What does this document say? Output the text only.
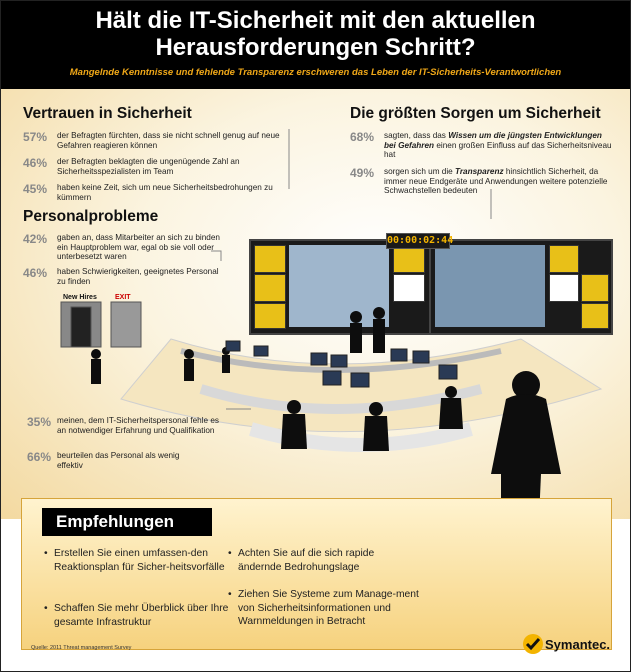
Hält die IT-Sicherheit mit den aktuellen
Herausforderungen Schritt?
Mangelnde Kenntnisse und fehlende Transparenz erschweren das Leben der IT-Sicherheits-Verantwortlichen
00:00:02:44
New Hires	EXIT
Vertrauen in Sicherheit
57% der Befragten fürchten, dass sie nicht schnell genug auf neue Gefahren reagieren können
46% der Befragten beklagten die ungenügende Zahl an Sicherheitsspezialisten im Team
45% haben keine Zeit, sich um neue Sicherheitsbedrohungen zu kümmern
Personalprobleme
42% gaben an, dass Mitarbeiter an sich zu binden ein Hauptproblem war, egal ob sie voll oder unterbesetzt waren
46% haben Schwierigkeiten, geeignetes Personal zu finden
35% meinen, dem IT-Sicherheitspersonal fehle es an notwendiger Erfahrung und Qualifikation
66% beurteilen das Personal als wenig effektiv
Die größten Sorgen um Sicherheit
68% sagten, dass das Wissen um die jüngsten Entwicklungen bei Gefahren einen großen Einfluss auf das Sicherheitsniveau hat
49% sorgen sich um die Transparenz hinsichtlich Sicherheit, da immer neue Endgeräte und Anwendungen weitere potenzielle Schwachstellen bedeuten
Empfehlungen
• Erstellen Sie einen umfassen-den Reaktionsplan für Sicher-heitsvorfälle
• Schaffen Sie mehr Überblick über Ihre gesamte Infrastruktur
• Achten Sie auf die sich rapide ändernde Bedrohungslage
• Ziehen Sie Systeme zum Manage-ment von Sicherheitsinformationen und Warnmeldungen in Betracht
Quelle: 2011 Threat management Survey	Symantec.
